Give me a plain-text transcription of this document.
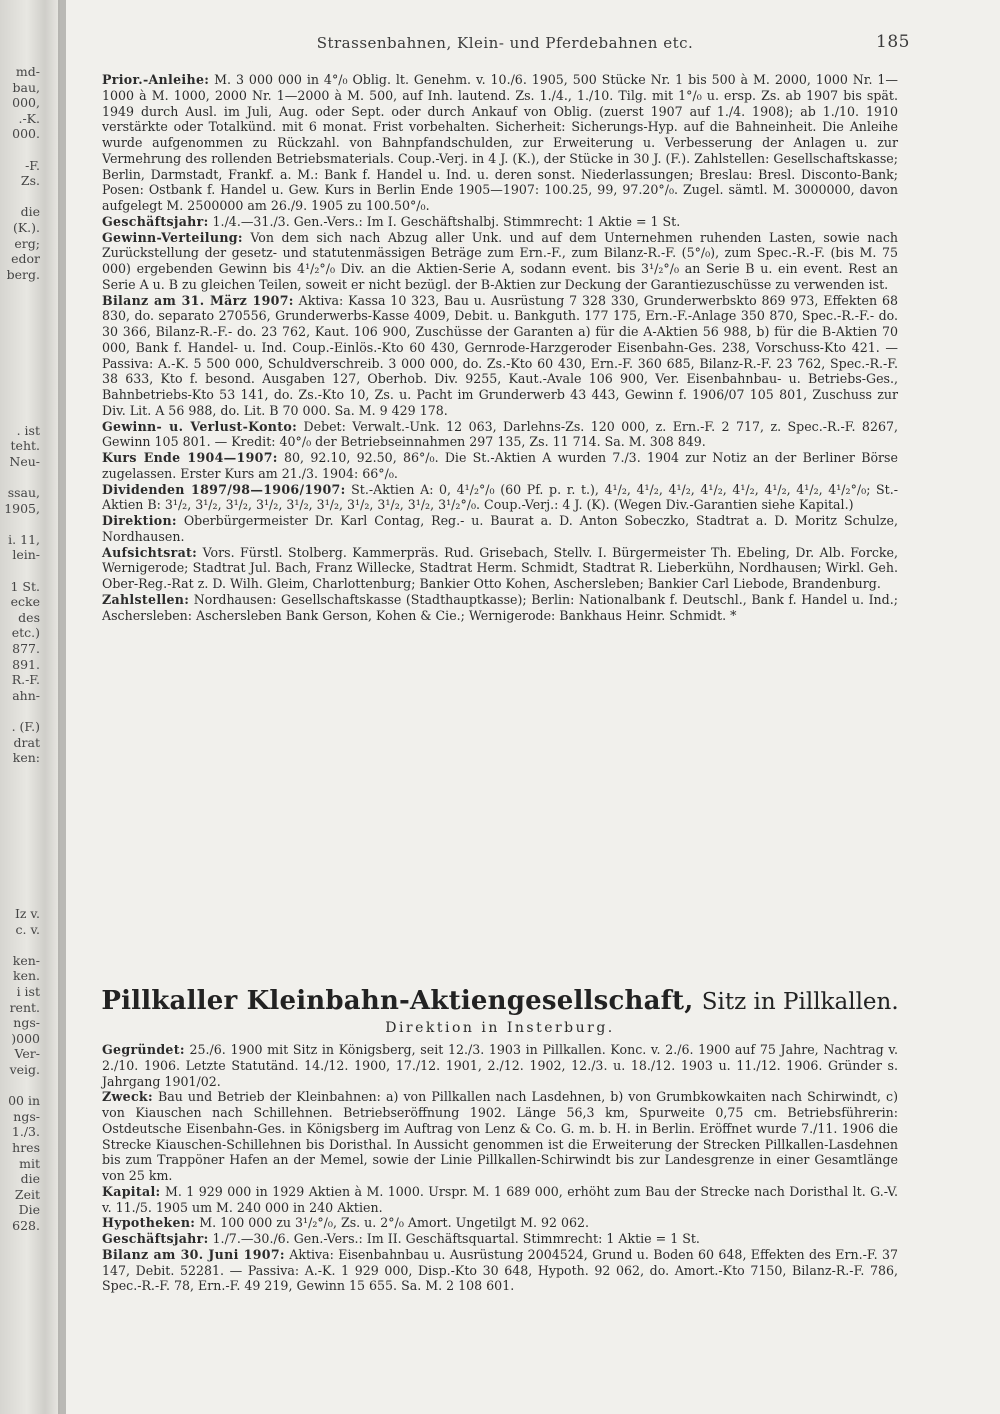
md-
bau,
000,
.-K.
000.
-F.
Zs.
die
(K.).
erg;
edor
berg.
. ist
teht.
Neu-
ssau,
1905,
i. 11,
lein-
1 St.
ecke
des
etc.)
877.
891.
R.-F.
ahn-
. (F.)
drat
ken:
Iz v.
c. v.
ken-
ken.
i ist
rent.
ngs-
)000
Ver-
veig.
00 in
ngs-
1./3.
hres
mit
die
Zeit
Die
628.
Strassenbahnen, Klein- und Pferdebahnen etc.	185

Prior.-Anleihe: M. 3 000 000 in 4°/₀ Oblig. lt. Genehm. v. 10./6. 1905, 500 Stücke Nr. 1 bis 500 à M. 2000, 1000 Nr. 1—1000 à M. 1000, 2000 Nr. 1—2000 à M. 500, auf Inh. lautend. Zs. 1./4., 1./10. Tilg. mit 1°/₀ u. ersp. Zs. ab 1907 bis spät. 1949 durch Ausl. im Juli, Aug. oder Sept. oder durch Ankauf von Oblig. (zuerst 1907 auf 1./4. 1908); ab 1./10. 1910 verstärkte oder Totalkünd. mit 6 monat. Frist vorbehalten. Sicherheit: Sicherungs-Hyp. auf die Bahneinheit. Die Anleihe wurde aufgenommen zu Rückzahl. von Bahnpfandschulden, zur Erweiterung u. Verbesserung der Anlagen u. zur Vermehrung des rollenden Betriebsmaterials. Coup.-Verj. in 4 J. (K.), der Stücke in 30 J. (F.). Zahlstellen: Gesellschaftskasse; Berlin, Darmstadt, Frankf. a. M.: Bank f. Handel u. Ind. u. deren sonst. Niederlassungen; Breslau: Bresl. Disconto-Bank; Posen: Ostbank f. Handel u. Gew. Kurs in Berlin Ende 1905—1907: 100.25, 99, 97.20°/₀. Zugel. sämtl. M. 3000000, davon aufgelegt M. 2500000 am 26./9. 1905 zu 100.50°/₀.

Geschäftsjahr: 1./4.—31./3. Gen.-Vers.: Im I. Geschäftshalbj. Stimmrecht: 1 Aktie = 1 St.

Gewinn-Verteilung: Von dem sich nach Abzug aller Unk. und auf dem Unternehmen ruhenden Lasten, sowie nach Zurückstellung der gesetz- und statutenmässigen Beträge zum Ern.-F., zum Bilanz-R.-F. (5°/₀), zum Spec.-R.-F. (bis M. 75 000) ergebenden Gewinn bis 4¹/₂°/₀ Div. an die Aktien-Serie A, sodann event. bis 3¹/₂°/₀ an Serie B u. ein event. Rest an Serie A u. B zu gleichen Teilen, soweit er nicht bezügl. der B-Aktien zur Deckung der Garantiezuschüsse zu verwenden ist.

Bilanz am 31. März 1907: Aktiva: Kassa 10 323, Bau u. Ausrüstung 7 328 330, Grunderwerbskto 869 973, Effekten 68 830, do. separato 270556, Grunderwerbs-Kasse 4009, Debit. u. Bankguth. 177 175, Ern.-F.-Anlage 350 870, Spec.-R.-F.- do. 30 366, Bilanz-R.-F.- do. 23 762, Kaut. 106 900, Zuschüsse der Garanten a) für die A-Aktien 56 988, b) für die B-Aktien 70 000, Bank f. Handel- u. Ind. Coup.-Einlös.-Kto 60 430, Gernrode-Harzgeroder Eisenbahn-Ges. 238, Vorschuss-Kto 421. — Passiva: A.-K. 5 500 000, Schuldverschreib. 3 000 000, do. Zs.-Kto 60 430, Ern.-F. 360 685, Bilanz-R.-F. 23 762, Spec.-R.-F. 38 633, Kto f. besond. Ausgaben 127, Oberhob. Div. 9255, Kaut.-Avale 106 900, Ver. Eisenbahnbau- u. Betriebs-Ges., Bahnbetriebs-Kto 53 141, do. Zs.-Kto 10, Zs. u. Pacht im Grunderwerb 43 443, Gewinn f. 1906/07 105 801, Zuschuss zur Div. Lit. A 56 988, do. Lit. B 70 000. Sa. M. 9 429 178.

Gewinn- u. Verlust-Konto: Debet: Verwalt.-Unk. 12 063, Darlehns-Zs. 120 000, z. Ern.-F. 2 717, z. Spec.-R.-F. 8267, Gewinn 105 801. — Kredit: 40°/₀ der Betriebseinnahmen 297 135, Zs. 11 714. Sa. M. 308 849.

Kurs Ende 1904—1907: 80, 92.10, 92.50, 86°/₀. Die St.-Aktien A wurden 7./3. 1904 zur Notiz an der Berliner Börse zugelassen. Erster Kurs am 21./3. 1904: 66°/₀.

Dividenden 1897/98—1906/1907: St.-Aktien A: 0, 4¹/₂°/₀ (60 Pf. p. r. t.), 4¹/₂, 4¹/₂, 4¹/₂, 4¹/₂, 4¹/₂, 4¹/₂, 4¹/₂, 4¹/₂°/₀; St.-Aktien B: 3¹/₂, 3¹/₂, 3¹/₂, 3¹/₂, 3¹/₂, 3¹/₂, 3¹/₂, 3¹/₂, 3¹/₂, 3¹/₂°/₀. Coup.-Verj.: 4 J. (K). (Wegen Div.-Garantien siehe Kapital.)

Direktion: Oberbürgermeister Dr. Karl Contag, Reg.- u. Baurat a. D. Anton Sobeczko, Stadtrat a. D. Moritz Schulze, Nordhausen.

Aufsichtsrat: Vors. Fürstl. Stolberg. Kammerpräs. Rud. Grisebach, Stellv. I. Bürgermeister Th. Ebeling, Dr. Alb. Forcke, Wernigerode; Stadtrat Jul. Bach, Franz Willecke, Stadtrat Herm. Schmidt, Stadtrat R. Lieberkühn, Nordhausen; Wirkl. Geh. Ober-Reg.-Rat z. D. Wilh. Gleim, Charlottenburg; Bankier Otto Kohen, Aschersleben; Bankier Carl Liebode, Brandenburg.

Zahlstellen: Nordhausen: Gesellschaftskasse (Stadthauptkasse); Berlin: Nationalbank f. Deutschl., Bank f. Handel u. Ind.; Aschersleben: Aschersleben Bank Gerson, Kohen & Cie.; Wernigerode: Bankhaus Heinr. Schmidt. *

Pillkaller Kleinbahn-Aktiengesellschaft, Sitz in Pillkallen.
Direktion in Insterburg.

Gegründet: 25./6. 1900 mit Sitz in Königsberg, seit 12./3. 1903 in Pillkallen. Konc. v. 2./6. 1900 auf 75 Jahre, Nachtrag v. 2./10. 1906. Letzte Statutänd. 14./12. 1900, 17./12. 1901, 2./12. 1902, 12./3. u. 18./12. 1903 u. 11./12. 1906. Gründer s. Jahrgang 1901/02.

Zweck: Bau und Betrieb der Kleinbahnen: a) von Pillkallen nach Lasdehnen, b) von Grumbkowkaiten nach Schirwindt, c) von Kiauschen nach Schillehnen. Betriebseröffnung 1902. Länge 56,3 km, Spurweite 0,75 cm. Betriebsführerin: Ostdeutsche Eisenbahn-Ges. in Königsberg im Auftrag von Lenz & Co. G. m. b. H. in Berlin. Eröffnet wurde 7./11. 1906 die Strecke Kiauschen-Schillehnen bis Doristhal. In Aussicht genommen ist die Erweiterung der Strecken Pillkallen-Lasdehnen bis zum Trappöner Hafen an der Memel, sowie der Linie Pillkallen-Schirwindt bis zur Landesgrenze in einer Gesamtlänge von 25 km.

Kapital: M. 1 929 000 in 1929 Aktien à M. 1000. Urspr. M. 1 689 000, erhöht zum Bau der Strecke nach Doristhal lt. G.-V. v. 11./5. 1905 um M. 240 000 in 240 Aktien.

Hypotheken: M. 100 000 zu 3¹/₂°/₀, Zs. u. 2°/₀ Amort. Ungetilgt M. 92 062.

Geschäftsjahr: 1./7.—30./6. Gen.-Vers.: Im II. Geschäftsquartal. Stimmrecht: 1 Aktie = 1 St.

Bilanz am 30. Juni 1907: Aktiva: Eisenbahnbau u. Ausrüstung 2004524, Grund u. Boden 60 648, Effekten des Ern.-F. 37 147, Debit. 52281. — Passiva: A.-K. 1 929 000, Disp.-Kto 30 648, Hypoth. 92 062, do. Amort.-Kto 7150, Bilanz-R.-F. 786, Spec.-R.-F. 78, Ern.-F. 49 219, Gewinn 15 655. Sa. M. 2 108 601.
